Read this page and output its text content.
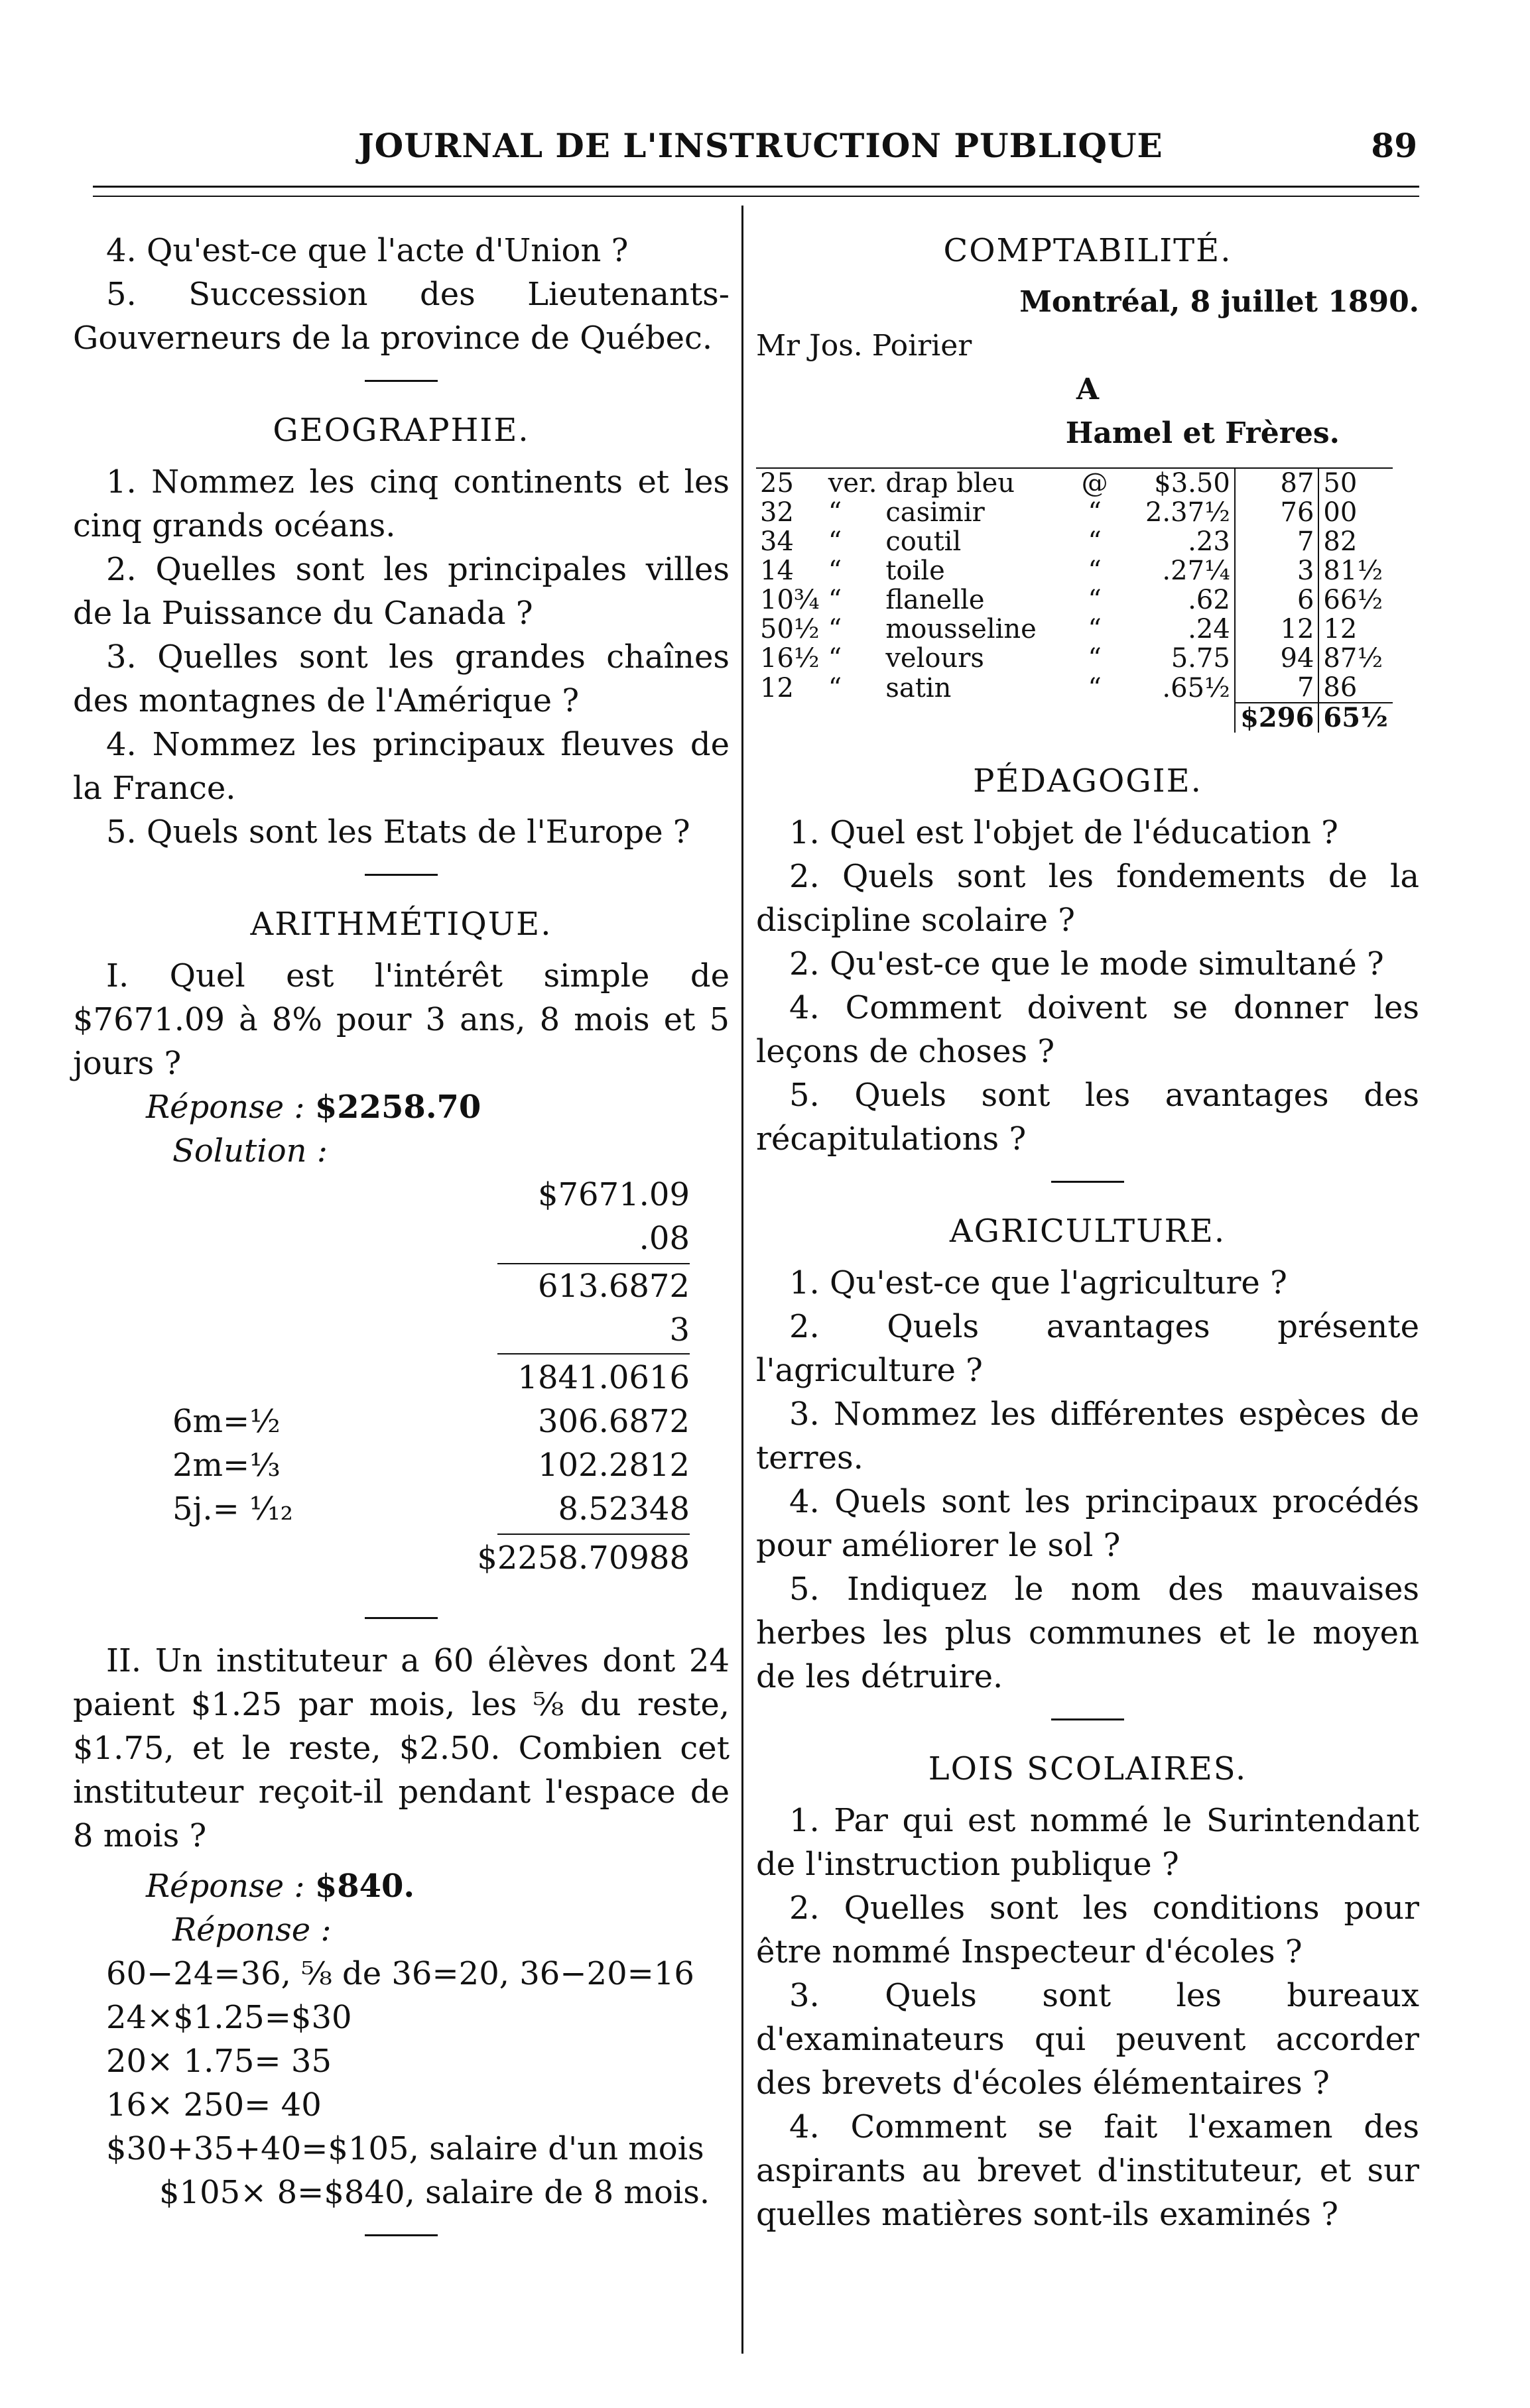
JOURNAL DE L'INSTRUCTION PUBLIQUE	89

4. Qu'est-ce que l'acte d'Union ?

5. Succession des Lieutenants-Gouverneurs de la province de Québec.

GEOGRAPHIE.

1. Nommez les cinq continents et les cinq grands océans.

2. Quelles sont les principales villes de la Puissance du Canada ?

3. Quelles sont les grandes chaînes des montagnes de l'Amérique ?

4. Nommez les principaux fleuves de la France.

5. Quels sont les Etats de l'Europe ?

ARITHMÉTIQUE.

I. Quel est l'intérêt simple de $7671.09 à 8% pour 3 ans, 8 mois et 5 jours ?

Réponse : $2258.70
Solution :
$7671.09
.08
613.6872
3
1841.0616
6m=½	306.6872
2m=⅓	102.2812
5j.= ¹⁄₁₂	8.52348
$2258.70988

II. Un instituteur a 60 élèves dont 24 paient $1.25 par mois, les ⅝ du reste, $1.75, et le reste, $2.50. Combien cet instituteur reçoit-il pendant l'espace de 8 mois ?

Réponse : $840.
Réponse :
60−24=36, ⅝ de 36=20, 36−20=16
24×$1.25=$30
20× 1.75= 35
16× 250= 40
$30+35+40=$105, salaire d'un mois
$105× 8=$840, salaire de 8 mois.
COMPTABILITÉ.
Montréal, 8 juillet 1890.
Mr Jos. Poirier
A
Hamel et Frères.
25	ver.	drap bleu	@	$3.50	87	50
32	“	casimir	“	2.37½	76	00
34	“	coutil	“	.23	7	82
14	“	toile	“	.27¼	3	81½
10¾	“	flanelle	“	.62	6	66½
50½	“	mousseline	“	.24	12	12
16½	“	velours	“	5.75	94	87½
12	“	satin	“	.65½	7	86
					$296	65½
PÉDAGOGIE.

1. Quel est l'objet de l'éducation ?

2. Quels sont les fondements de la discipline scolaire ?

2. Qu'est-ce que le mode simultané ?

4. Comment doivent se donner les leçons de choses ?

5. Quels sont les avantages des récapitulations ?

AGRICULTURE.

1. Qu'est-ce que l'agriculture ?

2. Quels avantages présente l'agriculture ?

3. Nommez les différentes espèces de terres.

4. Quels sont les principaux procédés pour améliorer le sol ?

5. Indiquez le nom des mauvaises herbes les plus communes et le moyen de les détruire.

LOIS SCOLAIRES.

1. Par qui est nommé le Surintendant de l'instruction publique ?

2. Quelles sont les conditions pour être nommé Inspecteur d'écoles ?

3. Quels sont les bureaux d'examinateurs qui peuvent accorder des brevets d'écoles élémentaires ?

4. Comment se fait l'examen des aspirants au brevet d'instituteur, et sur quelles matières sont-ils examinés ?
